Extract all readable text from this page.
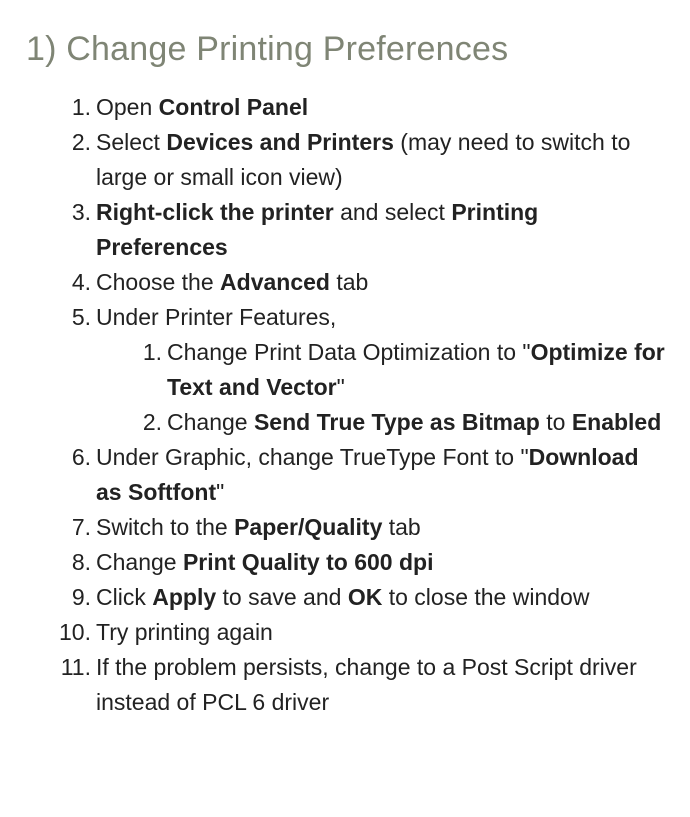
1) Change Printing Preferences
1. Open Control Panel
2. Select Devices and Printers (may need to switch to large or small icon view)
3. Right-click the printer and select Printing Preferences
4. Choose the Advanced tab
5. Under Printer Features,
1. Change Print Data Optimization to "Optimize for Text and Vector"
2. Change Send True Type as Bitmap to Enabled
6. Under Graphic, change TrueType Font to "Download as Softfont"
7. Switch to the Paper/Quality tab
8. Change Print Quality to 600 dpi
9. Click Apply to save and OK to close the window
10. Try printing again
11. If the problem persists, change to a Post Script driver instead of PCL 6 driver
